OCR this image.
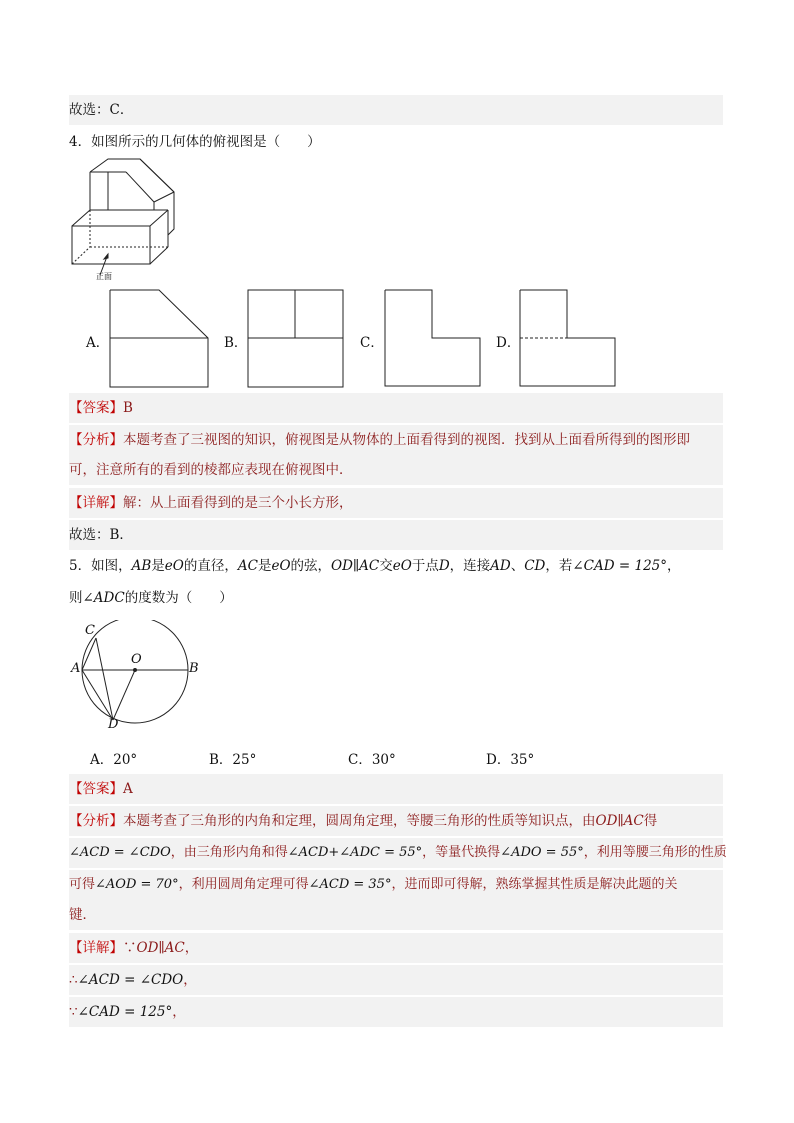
故选：C．
4．如图所示的几何体的俯视图是（　　）
正面
A．	B．	C．	D．
【答案】B
【分析】本题考查了三视图的知识，俯视图是从物体的上面看得到的视图．找到从上面看所得到的图形即
可，注意所有的看到的棱都应表现在俯视图中．
【详解】解：从上面看得到的是三个小长方形，
故选：B．
5．如图，AB是eO的直径，AC是eO的弦，OD∥AC交eO于点D，连接AD、CD，若∠CAD = 125°，
则∠ADC的度数为（　　）
C
A
O
B
D
A．20°	B．25°	C．30°	D．35°
【答案】A
【分析】本题考查了三角形的内角和定理，圆周角定理，等腰三角形的性质等知识点，由OD∥AC得
∠ACD = ∠CDO，由三角形内角和得∠ACD+∠ADC = 55°，等量代换得∠ADO = 55°，利用等腰三角形的性质
可得∠AOD = 70°，利用圆周角定理可得∠ACD = 35°，进而即可得解，熟练掌握其性质是解决此题的关
键．
【详解】∵OD∥AC，
∴∠ACD = ∠CDO，
∵∠CAD = 125°，
